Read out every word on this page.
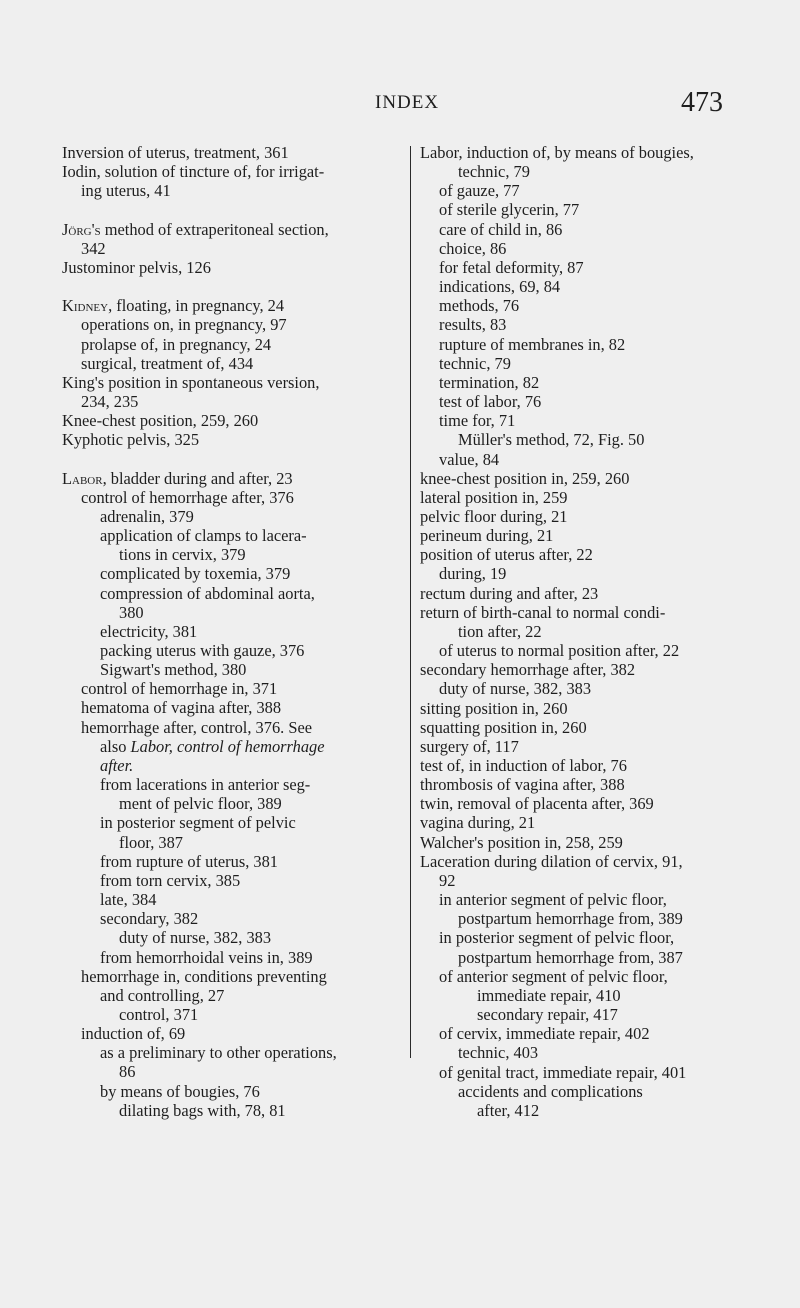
INDEX	473
Inversion of uterus, treatment, 361
Iodin, solution of tincture of, for irrigat-
ing uterus, 41
Jörg's method of extraperitoneal section,
342
Justominor pelvis, 126
Kidney, floating, in pregnancy, 24
operations on, in pregnancy, 97
prolapse of, in pregnancy, 24
surgical, treatment of, 434
King's position in spontaneous version,
234, 235
Knee-chest position, 259, 260
Kyphotic pelvis, 325
Labor, bladder during and after, 23
control of hemorrhage after, 376
adrenalin, 379
application of clamps to lacera-
tions in cervix, 379
complicated by toxemia, 379
compression of abdominal aorta,
380
electricity, 381
packing uterus with gauze, 376
Sigwart's method, 380
control of hemorrhage in, 371
hematoma of vagina after, 388
hemorrhage after, control, 376. See
also Labor, control of hemorrhage
after.
from lacerations in anterior seg-
ment of pelvic floor, 389
in posterior segment of pelvic
floor, 387
from rupture of uterus, 381
from torn cervix, 385
late, 384
secondary, 382
duty of nurse, 382, 383
from hemorrhoidal veins in, 389
hemorrhage in, conditions preventing
and controlling, 27
control, 371
induction of, 69
as a preliminary to other operations,
86
by means of bougies, 76
dilating bags with, 78, 81
Labor, induction of, by means of bougies,
technic, 79
of gauze, 77
of sterile glycerin, 77
care of child in, 86
choice, 86
for fetal deformity, 87
indications, 69, 84
methods, 76
results, 83
rupture of membranes in, 82
technic, 79
termination, 82
test of labor, 76
time for, 71
Müller's method, 72, Fig. 50
value, 84
knee-chest position in, 259, 260
lateral position in, 259
pelvic floor during, 21
perineum during, 21
position of uterus after, 22
during, 19
rectum during and after, 23
return of birth-canal to normal condi-
tion after, 22
of uterus to normal position after, 22
secondary hemorrhage after, 382
duty of nurse, 382, 383
sitting position in, 260
squatting position in, 260
surgery of, 117
test of, in induction of labor, 76
thrombosis of vagina after, 388
twin, removal of placenta after, 369
vagina during, 21
Walcher's position in, 258, 259
Laceration during dilation of cervix, 91,
92
in anterior segment of pelvic floor,
postpartum hemorrhage from, 389
in posterior segment of pelvic floor,
postpartum hemorrhage from, 387
of anterior segment of pelvic floor,
immediate repair, 410
secondary repair, 417
of cervix, immediate repair, 402
technic, 403
of genital tract, immediate repair, 401
accidents and complications
after, 412
